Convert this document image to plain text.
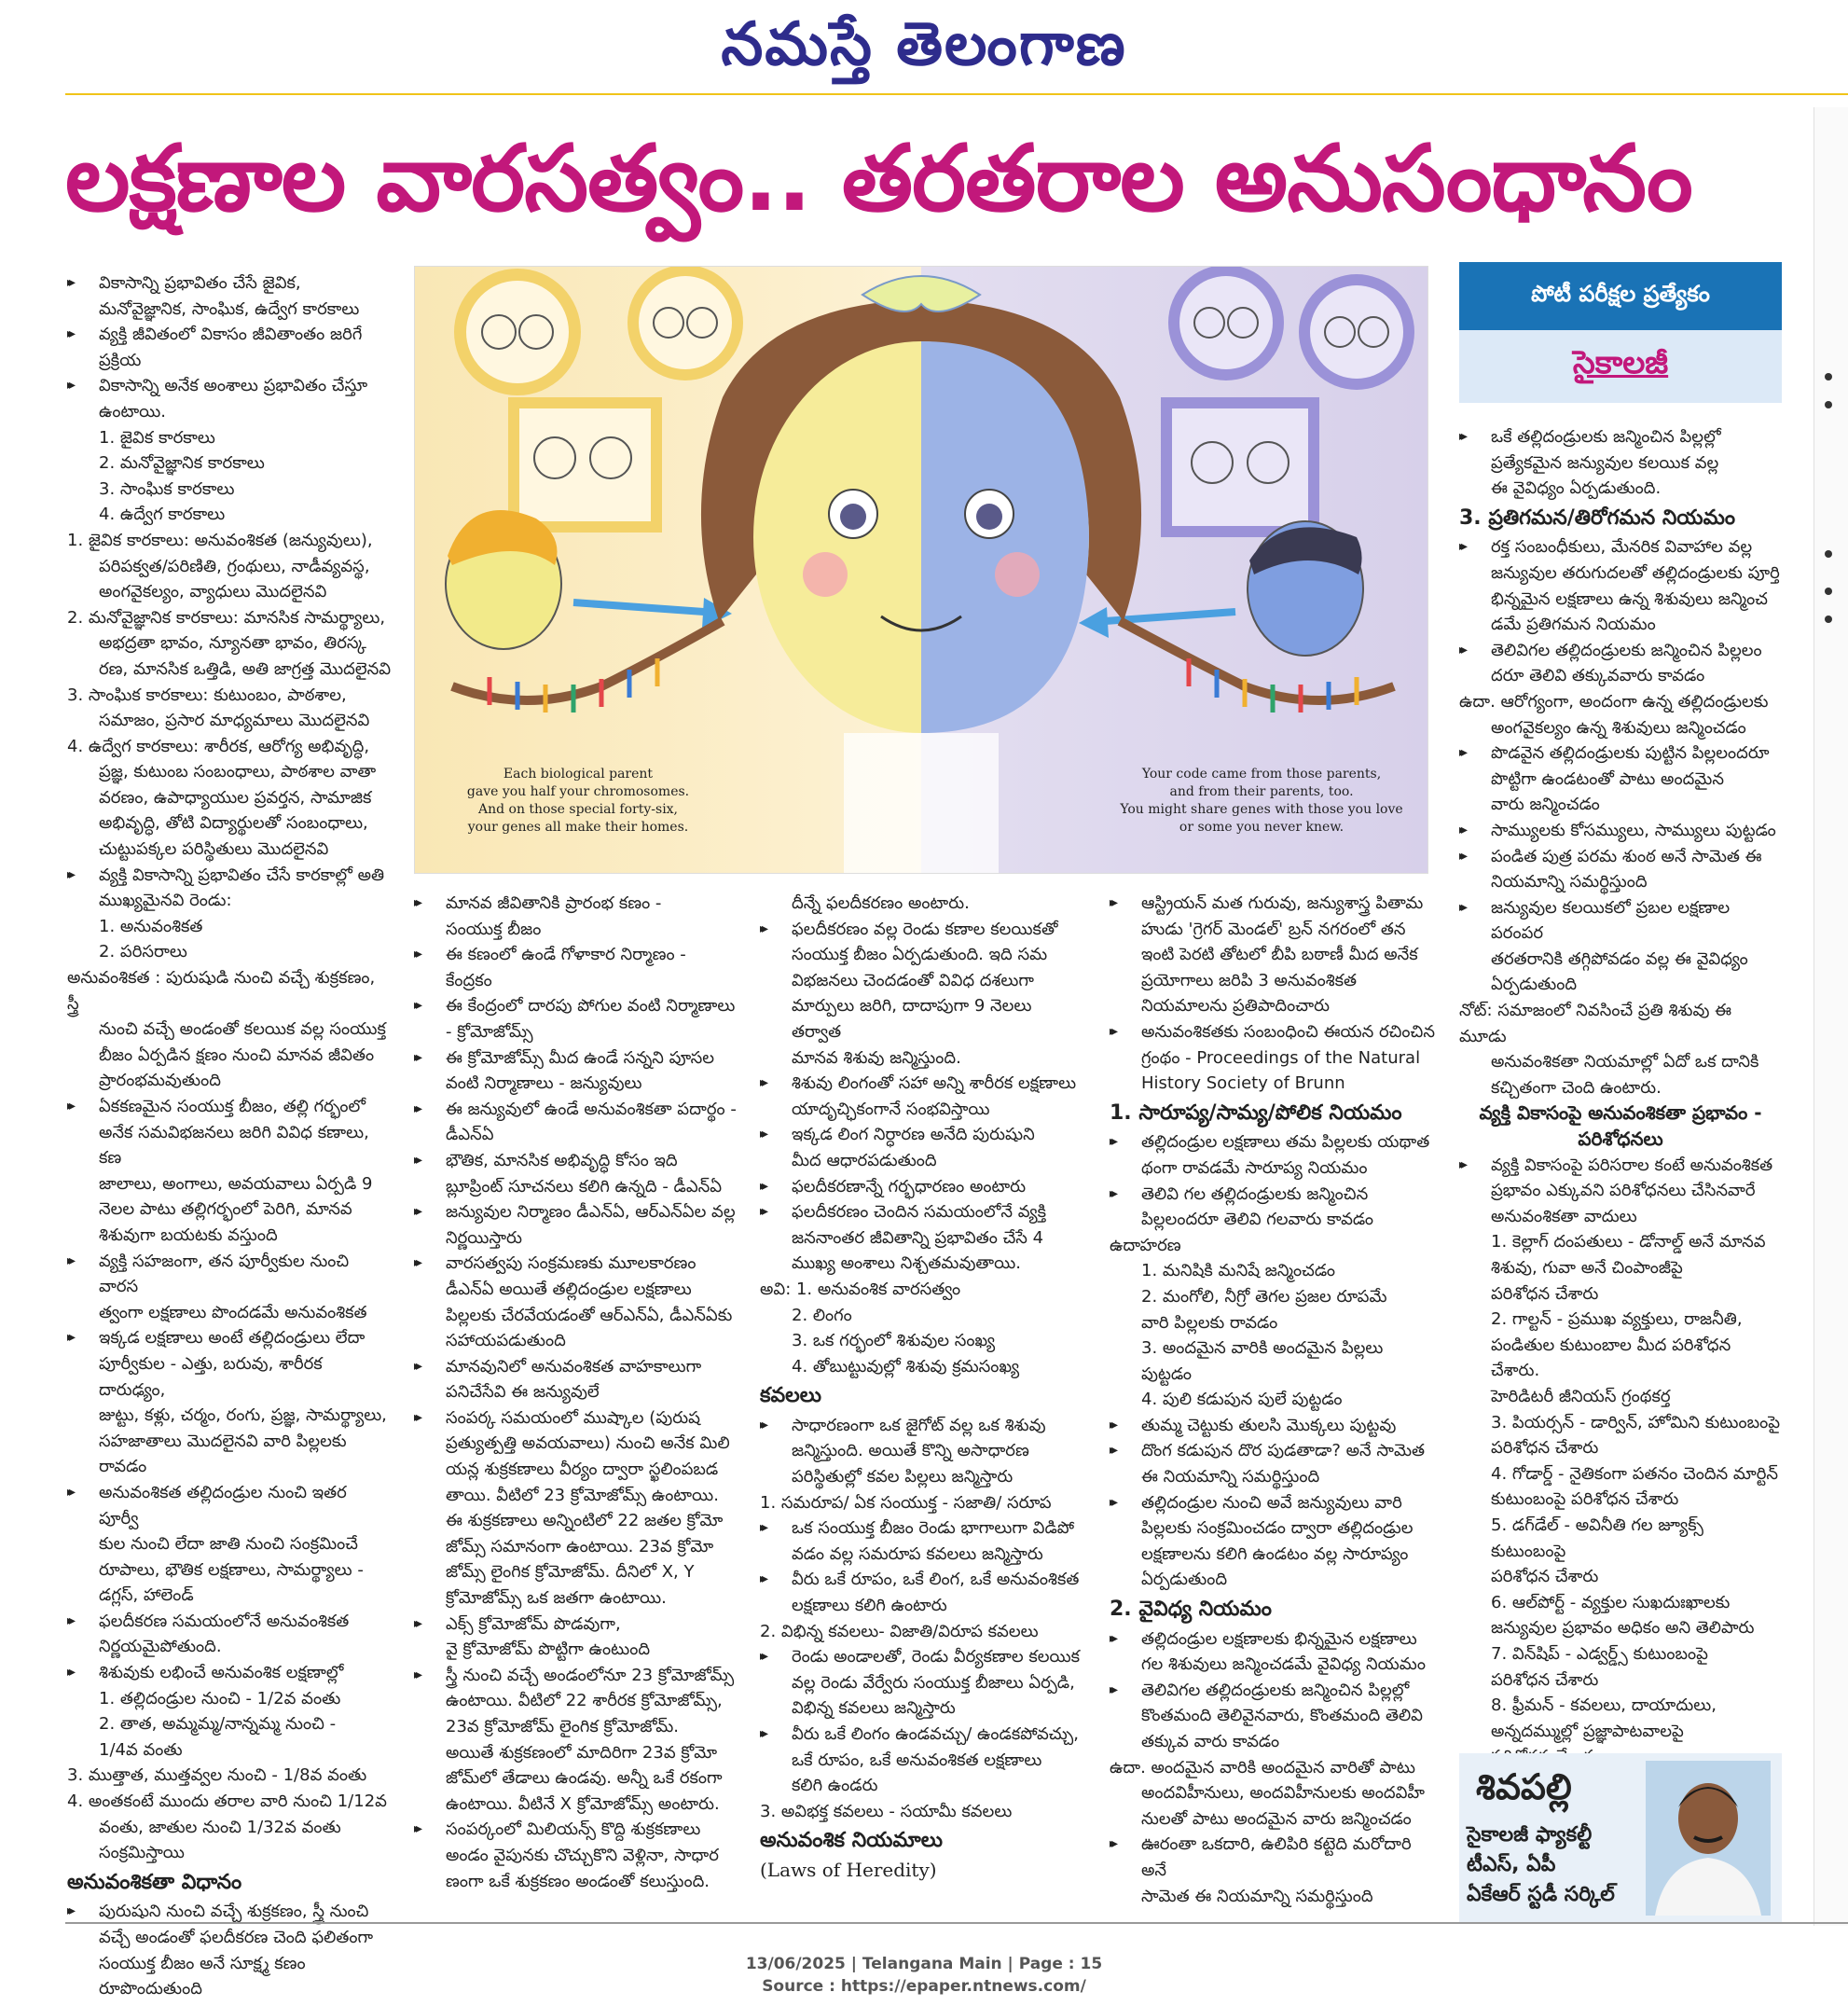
నమస్తే తెలంగాణ
లక్షణాల వారసత్వం.. తరతరాల అనుసంధానం
▸▸ వికాసాన్ని ప్రభావితం చేసే జైవిక,
మనోవైజ్ఞానిక, సాంఘిక, ఉద్వేగ కారకాలు
▸▸ వ్యక్తి జీవితంలో వికాసం జీవితాంతం జరిగే
ప్రక్రియ
▸▸ వికాసాన్ని అనేక అంశాలు ప్రభావితం చేస్తూ
ఉంటాయి.
1. జైవిక కారకాలు
2. మనోవైజ్ఞానిక కారకాలు
3. సాంఘిక కారకాలు
4. ఉద్వేగ కారకాలు
1. జైవిక కారకాలు: అనువంశికత (జన్యువులు),
పరిపక్వత/పరిణితి, గ్రంథులు, నాడీవ్యవస్థ,
అంగవైకల్యం, వ్యాధులు మొదలైనవి
2. మనోవైజ్ఞానిక కారకాలు: మానసిక సామర్థ్యాలు,
అభద్రతా భావం, న్యూనతా భావం, తిరస్క
రణ, మానసిక ఒత్తిడి, అతి జాగ్రత్త మొదలైనవి
3. సాంఘిక కారకాలు: కుటుంబం, పాఠశాల,
సమాజం, ప్రసార మాధ్యమాలు మొదలైనవి
4. ఉద్వేగ కారకాలు: శారీరక, ఆరోగ్య అభివృద్ధి,
ప్రజ్ఞ, కుటుంబ సంబంధాలు, పాఠశాల వాతా
వరణం, ఉపాధ్యాయుల ప్రవర్తన, సామాజిక
అభివృద్ధి, తోటి విద్యార్థులతో సంబంధాలు,
చుట్టుపక్కల పరిస్థితులు మొదలైనవి
▸▸ వ్యక్తి వికాసాన్ని ప్రభావితం చేసే కారకాల్లో అతి
ముఖ్యమైనవి రెండు:
1. అనువంశికత
2. పరిసరాలు
అనువంశికత : పురుషుడి నుంచి వచ్చే శుక్రకణం, స్త్రీ
నుంచి వచ్చే అండంతో కలయిక వల్ల సంయుక్త
బీజం ఏర్పడిన క్షణం నుంచి మానవ జీవితం
ప్రారంభమవుతుంది
▸▸ ఏకకణమైన సంయుక్త బీజం, తల్లి గర్భంలో
అనేక సమవిభజనలు జరిగి వివిధ కణాలు, కణ
జాలాలు, అంగాలు, అవయవాలు ఏర్పడి 9
నెలల పాటు తల్లిగర్భంలో పెరిగి, మానవ
శిశువుగా బయటకు వస్తుంది
▸▸ వ్యక్తి సహజంగా, తన పూర్వీకుల నుంచి వారస
త్వంగా లక్షణాలు పొందడమే అనువంశికత
▸▸ ఇక్కడ లక్షణాలు అంటే తల్లిదండ్రులు లేదా
పూర్వీకుల - ఎత్తు, బరువు, శారీరక దారుఢ్యం,
జుట్టు, కళ్లు, చర్మం, రంగు, ప్రజ్ఞ, సామర్థ్యాలు,
సహజాతాలు మొదలైనవి వారి పిల్లలకు
రావడం
▸▸ అనువంశికత తల్లిదండ్రుల నుంచి ఇతర పూర్వీ
కుల నుంచి లేదా జాతి నుంచి సంక్రమించే
రూపాలు, భౌతిక లక్షణాలు, సామర్థ్యాలు -
డగ్లస్, హాలెండ్
▸▸ ఫలదీకరణ సమయంలోనే అనువంశికత
నిర్ణయమైపోతుంది.
▸▸ శిశువుకు లభించే అనువంశిక లక్షణాల్లో
1. తల్లిదండ్రుల నుంచి - 1/2వ వంతు
2. తాత, అమ్మమ్మ/నాన్నమ్మ నుంచి -
1/4వ వంతు
3. ముత్తాత, ముత్తవ్వల నుంచి - 1/8వ వంతు
4. అంతకంటే ముందు తరాల వారి నుంచి 1/12వ
వంతు, జాతుల నుంచి 1/32వ వంతు
సంక్రమిస్తాయి
అనువంశికతా విధానం
▸▸ పురుషుని నుంచి వచ్చే శుక్రకణం, స్త్రీ నుంచి
వచ్చే అండంతో ఫలదీకరణ చెంది ఫలితంగా
సంయుక్త బీజం అనే సూక్ష్మ కణం
రూపొందుతుంది
Each biological parent
gave you half your chromosomes.
And on those special forty-six,
your genes all make their homes.
Your code came from those parents,
and from their parents, too.
You might share genes with those you love
or some you never knew.
▸▸ మానవ జీవితానికి ప్రారంభ కణం -
సంయుక్త బీజం
▸▸ ఈ కణంలో ఉండే గోళాకార నిర్మాణం -
కేంద్రకం
▸▸ ఈ కేంద్రంలో దారపు పోగుల వంటి నిర్మాణాలు
- క్రోమోజోమ్స్
▸▸ ఈ క్రోమోజోమ్స్ మీద ఉండే సన్నని పూసల
వంటి నిర్మాణాలు - జన్యువులు
▸▸ ఈ జన్యువులో ఉండే అనువంశికతా పదార్థం -
డీఎన్ఏ
▸▸ భౌతిక, మానసిక అభివృద్ధి కోసం ఇది
బ్లూప్రింట్ సూచనలు కలిగి ఉన్నది - డీఎన్ఏ
▸▸ జన్యువుల నిర్మాణం డీఎన్ఏ, ఆర్ఎన్ఏల వల్ల
నిర్ణయిస్తారు
▸▸ వారసత్వపు సంక్రమణకు మూలకారణం
డీఎన్ఏ అయితే తల్లిదండ్రుల లక్షణాలు
పిల్లలకు చేరవేయడంతో ఆర్ఎన్ఏ, డీఎన్ఏకు
సహాయపడుతుంది
▸▸ మానవునిలో అనువంశికత వాహకాలుగా
పనిచేసేవి ఈ జన్యువులే
▸▸ సంపర్క సమయంలో ముష్కాల (పురుష
ప్రత్యుత్పత్తి అవయవాలు) నుంచి అనేక మిలి
యన్ల శుక్రకణాలు వీర్యం ద్వారా స్ఖలింపబడ
తాయి. వీటిలో 23 క్రోమోజోమ్స్ ఉంటాయి.
ఈ శుక్రకణాలు అన్నింటిలో 22 జతల క్రోమో
జోమ్స్ సమానంగా ఉంటాయి. 23వ క్రోమో
జోమ్స్ లైంగిక క్రోమోజోమ్. దీనిలో X, Y
క్రోమోజోమ్స్ ఒక జతగా ఉంటాయి.
▸▸ ఎక్స్ క్రోమోజోమ్ పొడవుగా,
వై క్రోమోజోమ్ పొట్టిగా ఉంటుంది
▸▸ స్త్రీ నుంచి వచ్చే అండంలోనూ 23 క్రోమోజోమ్స్
ఉంటాయి. వీటిలో 22 శారీరక క్రోమోజోమ్స్,
23వ క్రోమోజోమ్ లైంగిక క్రోమోజోమ్.
అయితే శుక్రకణంలో మాదిరిగా 23వ క్రోమో
జోమ్‌లో తేడాలు ఉండవు. అన్నీ ఒకే రకంగా
ఉంటాయి. వీటినే X క్రోమోజోమ్స్ అంటారు.
▸▸ సంపర్కంలో మిలియన్స్ కొద్ది శుక్రకణాలు
అండం వైపునకు చొచ్చుకొని వెళ్లినా, సాధార
ణంగా ఒకే శుక్రకణం అండంతో కలుస్తుంది.
దీన్నే ఫలదీకరణం అంటారు.
▸▸ ఫలదీకరణం వల్ల రెండు కణాల కలయికతో
సంయుక్త బీజం ఏర్పడుతుంది. ఇది సమ
విభజనలు చెందడంతో వివిధ దశలుగా
మార్పులు జరిగి, దాదాపుగా 9 నెలలు తర్వాత
మానవ శిశువు జన్మిస్తుంది.
▸▸ శిశువు లింగంతో సహా అన్ని శారీరక లక్షణాలు
యాదృచ్ఛికంగానే సంభవిస్తాయి
▸▸ ఇక్కడ లింగ నిర్ధారణ అనేది పురుషుని
మీద ఆధారపడుతుంది
▸▸ ఫలదీకరణాన్నే గర్భధారణం అంటారు
▸▸ ఫలదీకరణం చెందిన సమయంలోనే వ్యక్తి
జననాంతర జీవితాన్ని ప్రభావితం చేసే 4
ముఖ్య అంశాలు నిశ్చతమవుతాయి.
అవి: 1. అనువంశిక వారసత్వం
2. లింగం
3. ఒక గర్భంలో శిశువుల సంఖ్య
4. తోబుట్టువుల్లో శిశువు క్రమసంఖ్య
కవలలు
▸▸ సాధారణంగా ఒక జైగోట్ వల్ల ఒక శిశువు
జన్మిస్తుంది. అయితే కొన్ని అసాధారణ
పరిస్థితుల్లో కవల పిల్లలు జన్మిస్తారు
1. సమరూప/ ఏక సంయుక్త - సజాతి/ సరూప
▸▸ ఒక సంయుక్త బీజం రెండు భాగాలుగా విడిపో
వడం వల్ల సమరూప కవలలు జన్మిస్తారు
▸▸ వీరు ఒకే రూపం, ఒకే లింగ, ఒకే అనువంశికత
లక్షణాలు కలిగి ఉంటారు
2. విభిన్న కవలలు- విజాతి/విరూప కవలలు
▸▸ రెండు అండాలతో, రెండు వీర్యకణాల కలయిక
వల్ల రెండు వేర్వేరు సంయుక్త బీజాలు ఏర్పడి,
విభిన్న కవలలు జన్మిస్తారు
▸▸ వీరు ఒకే లింగం ఉండవచ్చు/ ఉండకపోవచ్చు,
ఒకే రూపం, ఒకే అనువంశికత లక్షణాలు
కలిగి ఉండరు
3. అవిభక్త కవలలు - సయామీ కవలలు
అనువంశిక నియమాలు
(Laws of Heredity)
▸▸ ఆస్ట్రియన్ మత గురువు, జన్యుశాస్త్ర పితామ
హుడు 'గ్రెగర్ మెండల్' బ్రన్ నగరంలో తన
ఇంటి పెరటి తోటలో బీపి బఠాణీ మీద అనేక
ప్రయోగాలు జరిపి 3 అనువంశికత
నియమాలను ప్రతిపాదించారు
▸▸ అనువంశికతకు సంబంధించి ఈయన రచించిన
గ్రంథం - Proceedings of the Natural
History Society of Brunn
1. సారూప్య/సామ్య/పోలిక నియమం
▸▸ తల్లిదండ్రుల లక్షణాలు తమ పిల్లలకు యథాత
థంగా రావడమే సారూప్య నియమం
▸▸ తెలివి గల తల్లిదండ్రులకు జన్మించిన
పిల్లలందరూ తెలివి గలవారు కావడం
ఉదాహరణ
1. మనిషికి మనిషే జన్మించడం
2. మంగోలి, నీగ్రో తెగల ప్రజల రూపమే
వారి పిల్లలకు రావడం
3. అందమైన వారికి అందమైన పిల్లలు పుట్టడం
4. పులి కడుపున పులే పుట్టడం
▸▸ తుమ్మ చెట్టుకు తులసి మొక్కలు పుట్టవు
▸▸ దొంగ కడుపున దొర పుడతాడా? అనే సామెత
ఈ నియమాన్ని సమర్థిస్తుంది
▸▸ తల్లిదండ్రుల నుంచి అవే జన్యువులు వారి
పిల్లలకు సంక్రమించడం ద్వారా తల్లిదండ్రుల
లక్షణాలను కలిగి ఉండటం వల్ల సారూప్యం
ఏర్పడుతుంది
2. వైవిధ్య నియమం
▸▸ తల్లిదండ్రుల లక్షణాలకు భిన్నమైన లక్షణాలు
గల శిశువులు జన్మించడమే వైవిధ్య నియమం
▸▸ తెలివిగల తల్లిదండ్రులకు జన్మించిన పిల్లల్లో
కొంతమంది తెలివైనవారు, కొంతమంది తెలివి
తక్కువ వారు కావడం
ఉదా. అందమైన వారికి అందమైన వారితో పాటు
అందవిహీనులు, అందవిహీనులకు అందవిహీ
నులతో పాటు అందమైన వారు జన్మించడం
▸▸ ఊరంతా ఒకదారి, ఉలిపిరి కట్టెది మరోదారి అనే
సామెత ఈ నియమాన్ని సమర్థిస్తుంది
పోటీ పరీక్షల ప్రత్యేకం
సైకాలజీ
▸▸ ఒకే తల్లిదండ్రులకు జన్మించిన పిల్లల్లో
ప్రత్యేకమైన జన్యువుల కలయిక వల్ల
ఈ వైవిధ్యం ఏర్పడుతుంది.
3. ప్రతిగమన/తిరోగమన నియమం
▸▸ రక్త సంబంధీకులు, మేనరిక వివాహాల వల్ల
జన్యువుల తరుగుదలతో తల్లిదండ్రులకు పూర్తి
భిన్నమైన లక్షణాలు ఉన్న శిశువులు జన్మించ
డమే ప్రతిగమన నియమం
▸▸ తెలివిగల తల్లిదండ్రులకు జన్మించిన పిల్లలం
దరూ తెలివి తక్కువవారు కావడం
ఉదా. ఆరోగ్యంగా, అందంగా ఉన్న తల్లిదండ్రులకు
అంగవైకల్యం ఉన్న శిశువులు జన్మించడం
▸▸ పొడవైన తల్లిదండ్రులకు పుట్టిన పిల్లలందరూ
పొట్టిగా ఉండటంతో పాటు అందమైన
వారు జన్మించడం
▸▸ సామ్యులకు కోసమ్యులు, సామ్యులు పుట్టడం
▸▸ పండిత పుత్ర పరమ శుంఠ అనే సామెత ఈ
నియమాన్ని సమర్థిస్తుంది
▸▸ జన్యువుల కలయికలో ప్రబల లక్షణాల పరంపర
తరతరానికి తగ్గిపోవడం వల్ల ఈ వైవిధ్యం
ఏర్పడుతుంది
నోట్: సమాజంలో నివసించే ప్రతి శిశువు ఈ మూడు
అనువంశికతా నియమాల్లో ఏదో ఒక దానికి
కచ్చితంగా చెంది ఉంటారు.
వ్యక్తి వికాసంపై అనువంశికతా ప్రభావం -
పరిశోధనలు
▸▸ వ్యక్తి వికాసంపై పరిసరాల కంటే అనువంశికత
ప్రభావం ఎక్కువని పరిశోధనలు చేసినవారే
అనువంశికతా వాదులు
1. కెల్లాగ్ దంపతులు - డోనాల్డ్ అనే మానవ
శిశువు, గువా అనే చింపాంజీపై
పరిశోధన చేశారు
2. గాల్టన్ - ప్రముఖ వ్యక్తులు, రాజనీతి,
పండితుల కుటుంబాల మీద పరిశోధన చేశారు.
హెరిడిటరీ జీనియస్ గ్రంథకర్త
3. పియర్సన్ - డార్విన్, హోమిని కుటుంబంపై
పరిశోధన చేశారు
4. గోడార్డ్ - నైతికంగా పతనం చెందిన మార్టిన్
కుటుంబంపై పరిశోధన చేశారు
5. డగ్‌డేల్ - అవినీతి గల జ్యూక్స్ కుటుంబంపై
పరిశోధన చేశారు
6. ఆల్‌పోర్ట్ - వ్యక్తుల సుఖదుఃఖాలకు
జన్యువుల ప్రభావం అధికం అని తెలిపారు
7. విన్‌షిప్ - ఎడ్వర్డ్స్ కుటుంబంపై
పరిశోధన చేశారు
8. ఫ్రీమన్ - కవలలు, దాయాదులు,
అన్నదమ్ముల్లో ప్రజ్ఞాపాటవాలపై
శివపల్లి
సైకాలజీ ఫ్యాకల్టీ
టీఎస్, ఏపీ
ఏకేఆర్ స్టడీ సర్కిల్
13/06/2025 | Telangana Main | Page : 15
Source : https://epaper.ntnews.com/
